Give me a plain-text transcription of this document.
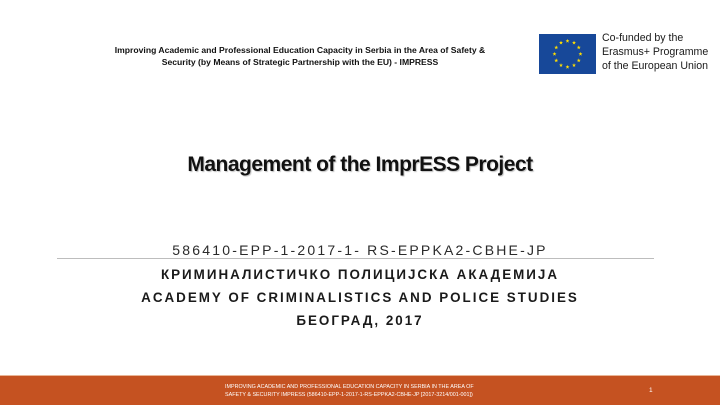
Improving Academic and Professional Education Capacity in Serbia in the Area of Safety &
Security (by Means of Strategic Partnership with the EU) - IMPRESS
Co-funded by the
Erasmus+ Programme
of the European Union
Management of the ImprESS Project
586410-EPP-1-2017-1- RS-EPPKA2-CBHE-JP
КРИМИНАЛИСТИЧКО ПОЛИЦИЈСКА АКАДЕМИЈА
ACADEMY OF CRIMINALISTICS AND POLICE STUDIES
БЕОГРАД, 2017
IMPROVING ACADEMIC AND PROFESSIONAL EDUCATION CAPACITY IN SERBIA IN THE AREA OF
SAFETY & SECURITY IMPRESS (586410-EPP-1-2017-1-RS-EPPKA2-CBHE-JP [2017-3214/001-001])
1
